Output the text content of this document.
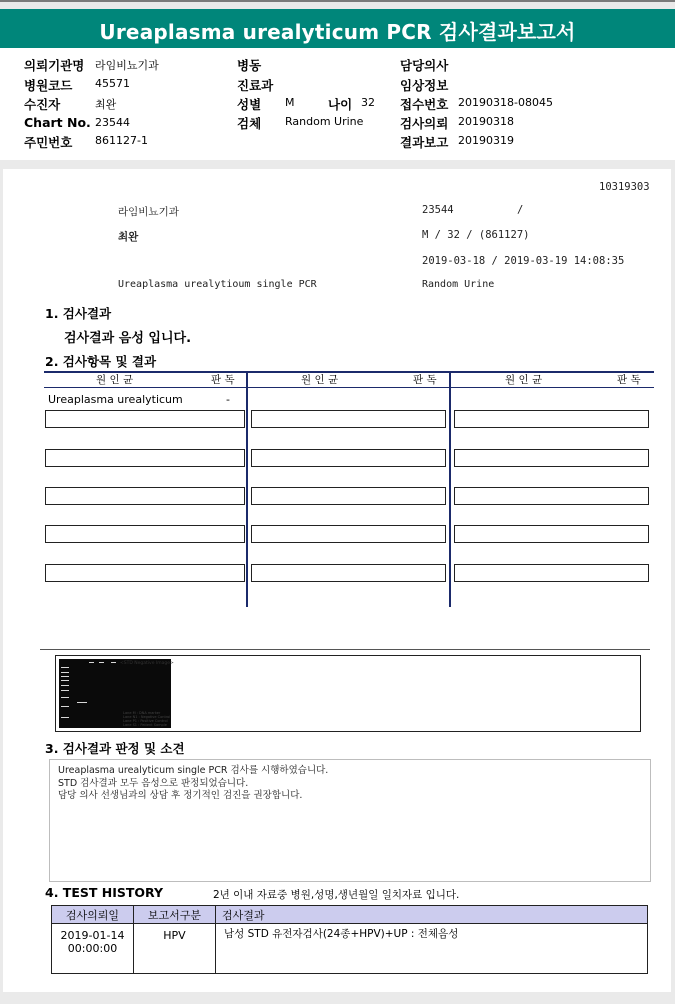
Ureaplasma urealyticum PCR 검사결과보고서
의뢰기관명 라임비뇨기과
병원코드 45571
수진자	최완
Chart No. 23544
주민번호 861127-1
병동
진료과
성별 M	나이 32
검체 Random Urine
담당의사
임상정보
접수번호 20190318-08045
검사의뢰 20190318
결과보고 20190319
10319303
라임비뇨기과	23544	/
최완	M / 32 / (861127)
2019-03-18 / 2019-03-19 14:08:35
Ureaplasma urealytioum single PCR	Random Urine
1. 검사결과
검사결과 음성 입니다.
2. 검사항목 및 결과
원 인 균	판 독	원 인 균	판 독	원 인 균	판 독
Ureaplasma urealyticum	-
<STD Negative Image>
Lane M : DNA marker
Lane N1 : Negative Control
Lane P1 : Positive Control
Lane S1 : Patient Sample
3. 검사결과 판정 및 소견
Ureaplasma urealyticum single PCR 검사를 시행하였습니다.
STD 검사결과 모두 음성으로 판정되었습니다.
담당 의사 선생님과의 상담 후 정기적인 검진을 권장합니다.
4. TEST HISTORY	2년 이내 자료중 병원,성명,생년월일 일치자료 입니다.
검사의뢰일	보고서구분	검사결과

2019-01-14
00:00:00	HPV	남성 STD 유전자검사(24종+HPV)+UP : 전체음성
